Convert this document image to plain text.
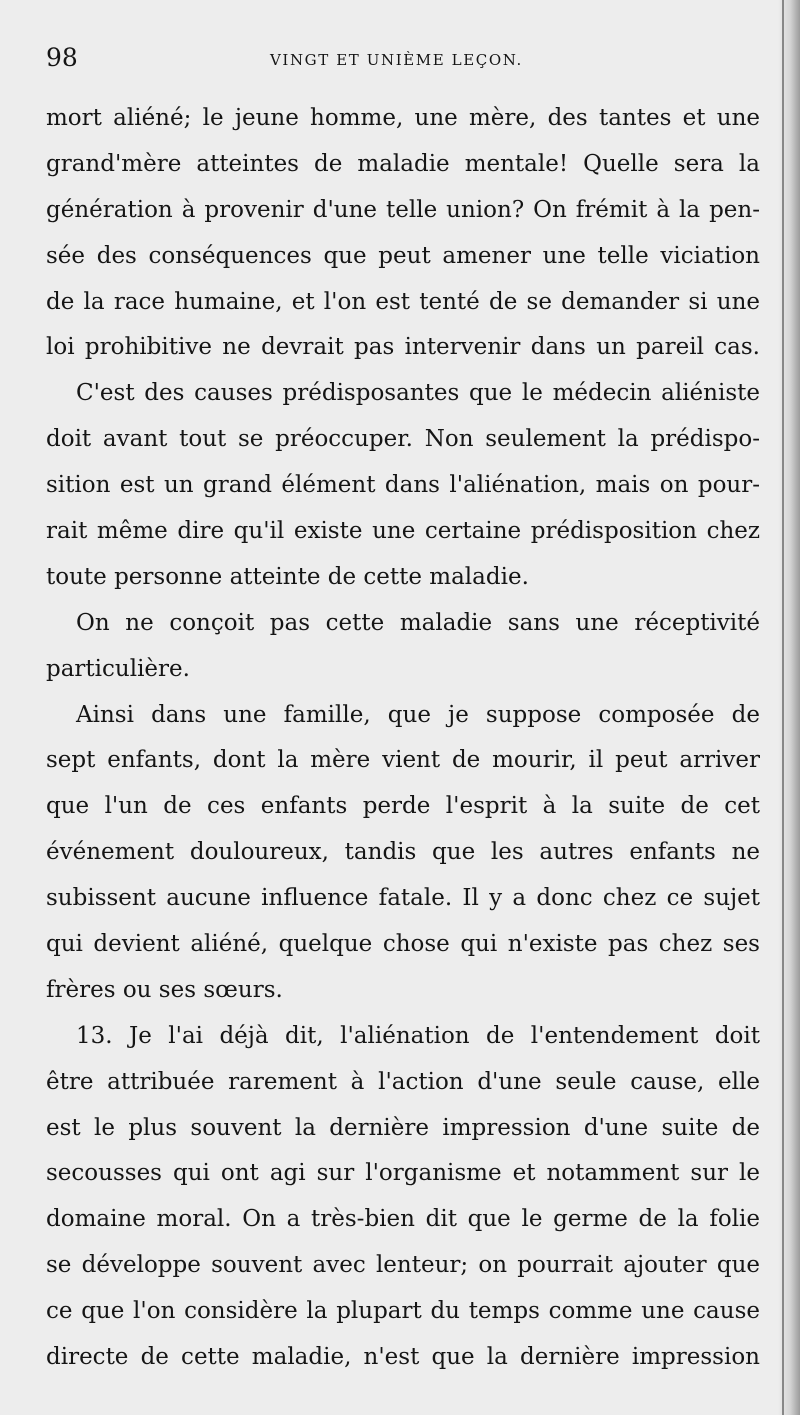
98	VINGT ET UNIÈME LEÇON.
mort aliéné; le jeune homme, une mère, des tantes et une
grand'mère atteintes de maladie mentale! Quelle sera la
génération à provenir d'une telle union? On frémit à la pen-
sée des conséquences que peut amener une telle viciation
de la race humaine, et l'on est tenté de se demander si une
loi prohibitive ne devrait pas intervenir dans un pareil cas.
C'est des causes prédisposantes que le médecin aliéniste
doit avant tout se préoccuper. Non seulement la prédispo-
sition est un grand élément dans l'aliénation, mais on pour-
rait même dire qu'il existe une certaine prédisposition chez
toute personne atteinte de cette maladie.
On ne conçoit pas cette maladie sans une réceptivité
particulière.
Ainsi dans une famille, que je suppose composée de
sept enfants, dont la mère vient de mourir, il peut arriver
que l'un de ces enfants perde l'esprit à la suite de cet
événement douloureux, tandis que les autres enfants ne
subissent aucune influence fatale. Il y a donc chez ce sujet
qui devient aliéné, quelque chose qui n'existe pas chez ses
frères ou ses sœurs.
13. Je l'ai déjà dit, l'aliénation de l'entendement doit
être attribuée rarement à l'action d'une seule cause, elle
est le plus souvent la dernière impression d'une suite de
secousses qui ont agi sur l'organisme et notamment sur le
domaine moral. On a très-bien dit que le germe de la folie
se développe souvent avec lenteur; on pourrait ajouter que
ce que l'on considère la plupart du temps comme une cause
directe de cette maladie, n'est que la dernière impression
